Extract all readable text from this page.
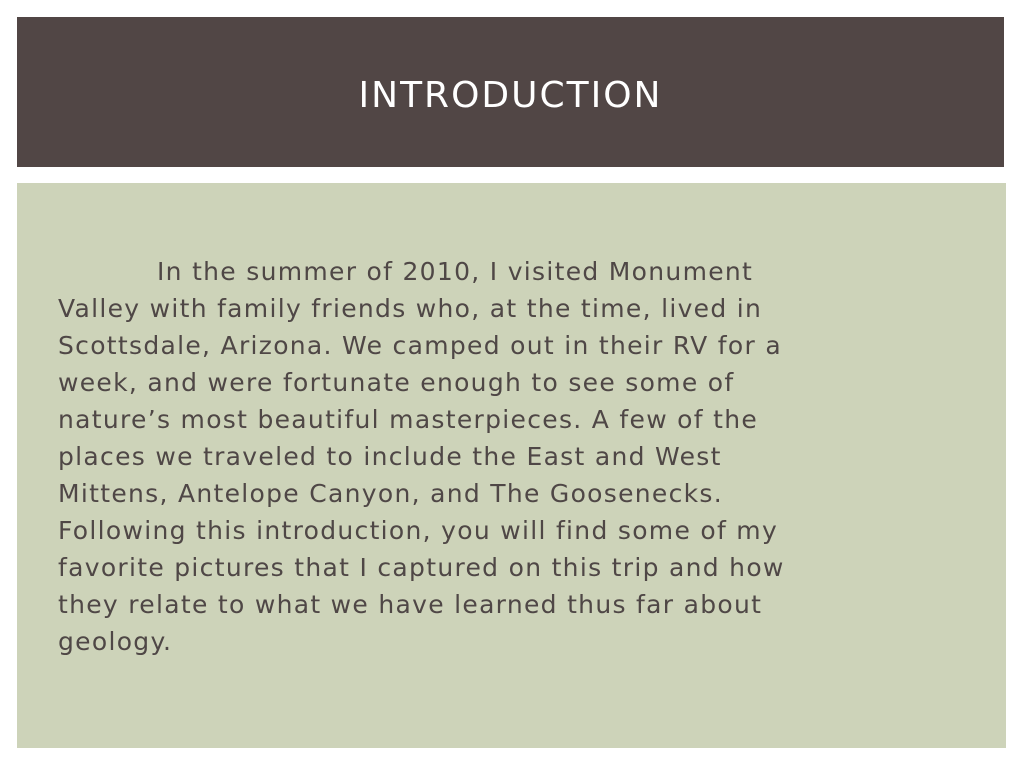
INTRODUCTION

In the summer of 2010, I visited Monument
Valley with family friends who, at the time, lived in
Scottsdale, Arizona. We camped out in their RV for a
week, and were fortunate enough to see some of
nature’s most beautiful masterpieces. A few of the
places we traveled to include the East and West
Mittens, Antelope Canyon, and The Goosenecks.
Following this introduction, you will find some of my
favorite pictures that I captured on this trip and how
they relate to what we have learned thus far about
geology.
